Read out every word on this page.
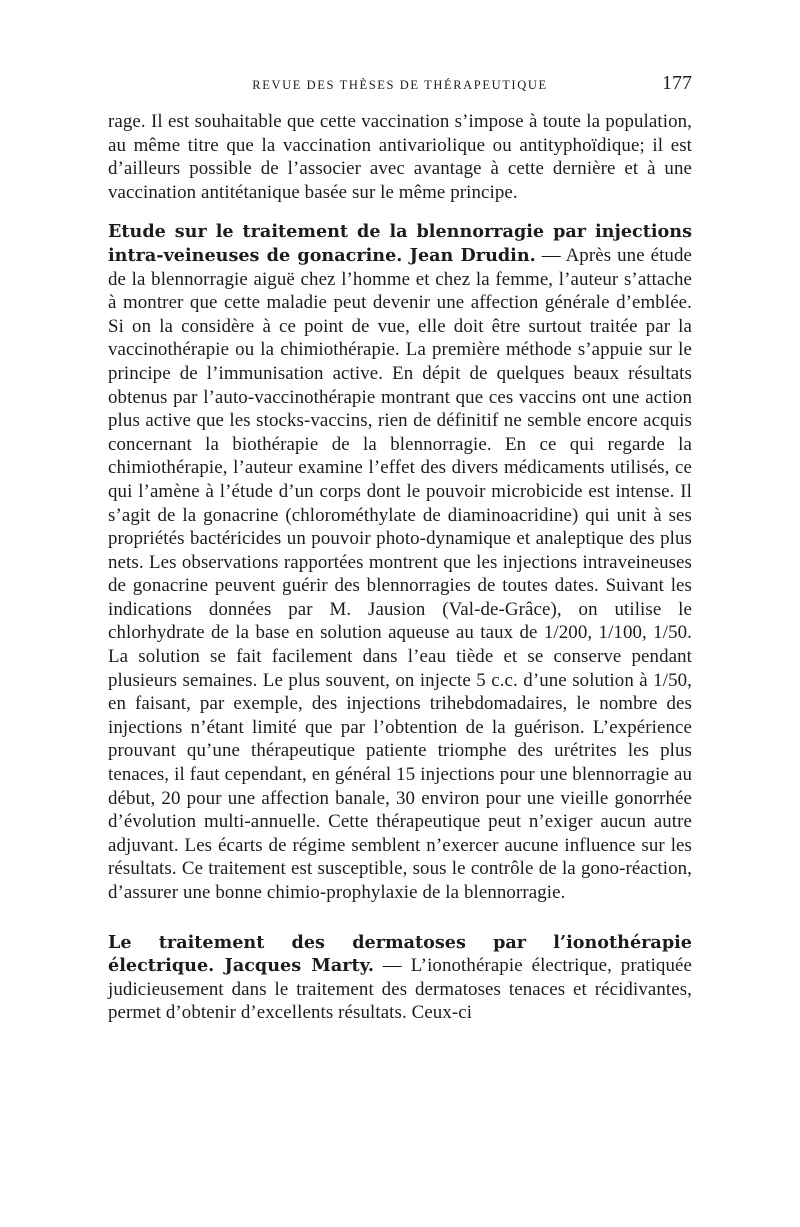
REVUE DES THÈSES DE THÉRAPEUTIQUE	177

rage. Il est souhaitable que cette vaccination s’impose à toute la population, au même titre que la vaccination antivariolique ou antityphoïdique; il est d’ailleurs possible de l’associer avec avantage à cette dernière et à une vaccination antitétanique basée sur le même principe.

Etude sur le traitement de la blennorragie par injections intra-veineuses de gonacrine. Jean Drudin. — Après une étude de la blennorragie aiguë chez l’homme et chez la femme, l’auteur s’attache à montrer que cette maladie peut devenir une affection générale d’emblée. Si on la considère à ce point de vue, elle doit être surtout traitée par la vaccinothérapie ou la chimiothérapie. La première méthode s’appuie sur le principe de l’immunisation active. En dépit de quelques beaux résultats obtenus par l’auto-vaccinothérapie montrant que ces vaccins ont une action plus active que les stocks-vaccins, rien de définitif ne semble encore acquis concernant la biothérapie de la blennorragie. En ce qui regarde la chimiothérapie, l’auteur examine l’effet des divers médicaments utilisés, ce qui l’amène à l’étude d’un corps dont le pouvoir microbicide est intense. Il s’agit de la gonacrine (chlorométhylate de diaminoacridine) qui unit à ses propriétés bactéricides un pouvoir photo-dynamique et analeptique des plus nets. Les observations rapportées montrent que les injections intraveineuses de gonacrine peuvent guérir des blennorragies de toutes dates. Suivant les indications données par M. Jausion (Val-de-Grâce), on utilise le chlorhydrate de la base en solution aqueuse au taux de 1/200, 1/100, 1/50. La solution se fait facilement dans l’eau tiède et se conserve pendant plusieurs semaines. Le plus souvent, on injecte 5 c.c. d’une solution à 1/50, en faisant, par exemple, des injections trihebdomadaires, le nombre des injections n’étant limité que par l’obtention de la guérison. L’expérience prouvant qu’une thérapeutique patiente triomphe des urétrites les plus tenaces, il faut cependant, en général 15 injections pour une blennorragie au début, 20 pour une affection banale, 30 environ pour une vieille gonorrhée d’évolution multi-annuelle. Cette thérapeutique peut n’exiger aucun autre adjuvant. Les écarts de régime semblent n’exercer aucune influence sur les résultats. Ce traitement est susceptible, sous le contrôle de la gono-réaction, d’assurer une bonne chimio-prophylaxie de la blennorragie.

Le traitement des dermatoses par l’ionothérapie électrique. Jacques Marty. — L’ionothérapie électrique, pratiquée judicieusement dans le traitement des dermatoses tenaces et récidivantes, permet d’obtenir d’excellents résultats. Ceux-ci
